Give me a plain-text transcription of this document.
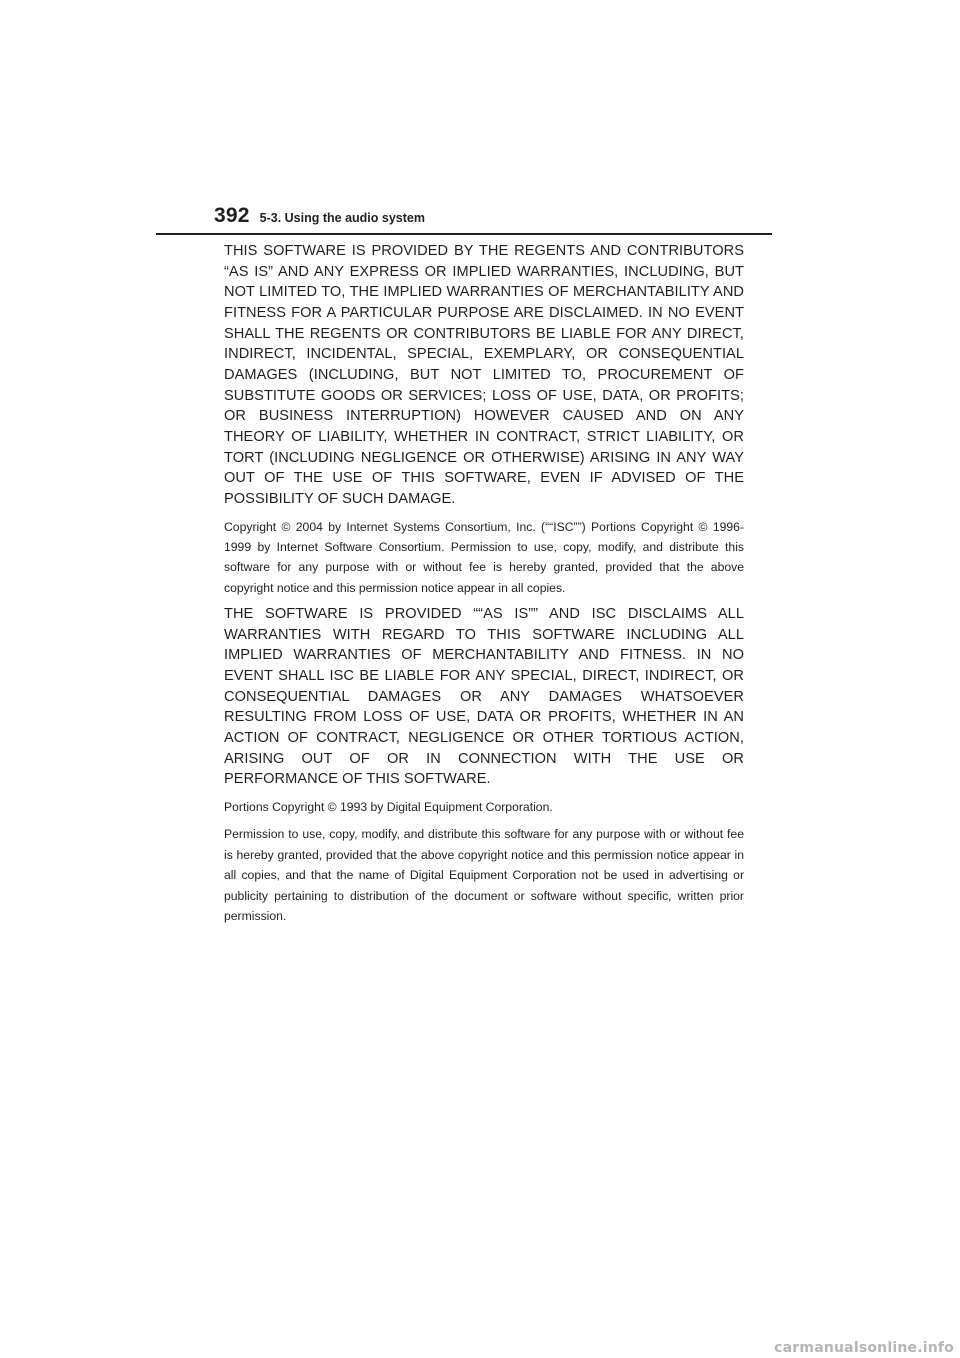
392 5-3. Using the audio system

THIS SOFTWARE IS PROVIDED BY THE REGENTS AND CONTRIBUTORS “AS IS” AND ANY EXPRESS OR IMPLIED WARRANTIES, INCLUDING, BUT NOT LIMITED TO, THE IMPLIED WARRANTIES OF MERCHANTABILITY AND FITNESS FOR A PARTICULAR PURPOSE ARE DISCLAIMED. IN NO EVENT SHALL THE REGENTS OR CONTRIBUTORS BE LIABLE FOR ANY DIRECT, INDIRECT, INCIDENTAL, SPECIAL, EXEMPLARY, OR CONSEQUENTIAL DAMAGES (INCLUDING, BUT NOT LIMITED TO, PROCUREMENT OF SUBSTITUTE GOODS OR SERVICES; LOSS OF USE, DATA, OR PROFITS; OR BUSINESS INTERRUPTION) HOWEVER CAUSED AND ON ANY THEORY OF LIABILITY, WHETHER IN CONTRACT, STRICT LIABILITY, OR TORT (INCLUDING NEGLIGENCE OR OTHERWISE) ARISING IN ANY WAY OUT OF THE USE OF THIS SOFTWARE, EVEN IF ADVISED OF THE POSSIBILITY OF SUCH DAMAGE.

Copyright © 2004 by Internet Systems Consortium, Inc. (““ISC””) Portions Copyright © 1996-1999 by Internet Software Consortium. Permission to use, copy, modify, and distribute this software for any purpose with or without fee is hereby granted, provided that the above copyright notice and this permission notice appear in all copies.

THE SOFTWARE IS PROVIDED ““AS IS”” AND ISC DISCLAIMS ALL WARRANTIES WITH REGARD TO THIS SOFTWARE INCLUDING ALL IMPLIED WARRANTIES OF MERCHANTABILITY AND FITNESS. IN NO EVENT SHALL ISC BE LIABLE FOR ANY SPECIAL, DIRECT, INDIRECT, OR CONSEQUENTIAL DAMAGES OR ANY DAMAGES WHATSOEVER RESULTING FROM LOSS OF USE, DATA OR PROFITS, WHETHER IN AN ACTION OF CONTRACT, NEGLIGENCE OR OTHER TORTIOUS ACTION, ARISING OUT OF OR IN CONNECTION WITH THE USE OR PERFORMANCE OF THIS SOFTWARE.

Portions Copyright © 1993 by Digital Equipment Corporation.

Permission to use, copy, modify, and distribute this software for any purpose with or without fee is hereby granted, provided that the above copyright notice and this permission notice appear in all copies, and that the name of Digital Equipment Corporation not be used in advertising or publicity pertaining to distribution of the document or software without specific, written prior permission.

carmanualsonline.info
